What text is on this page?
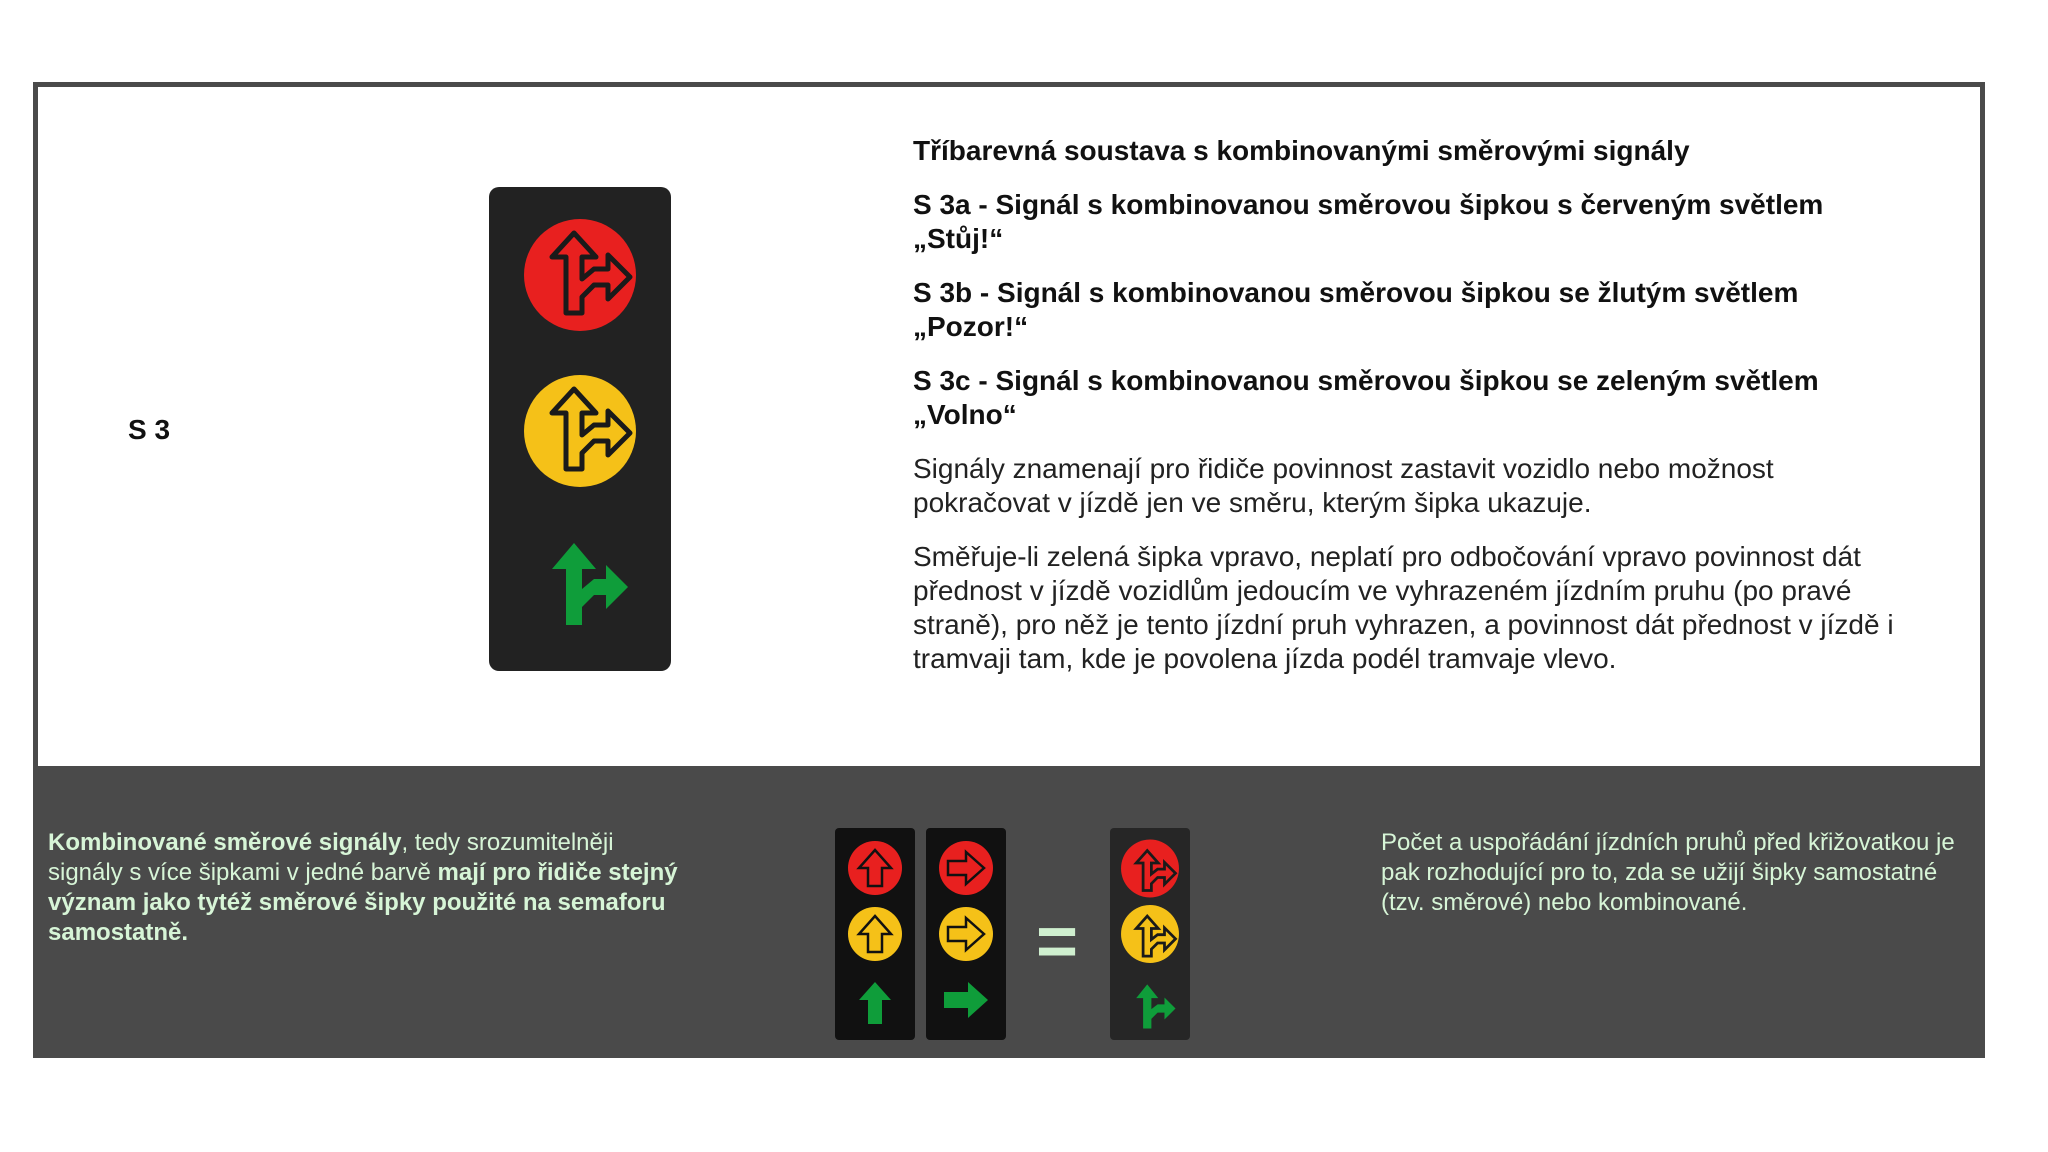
S 3
Tříbarevná soustava s kombinovanými směrovými signály
S 3a - Signál s kombinovanou směrovou šipkou s červeným světlem „Stůj!“
S 3b - Signál s kombinovanou směrovou šipkou se žlutým světlem „Pozor!“
S 3c - Signál s kombinovanou směrovou šipkou se zeleným světlem „Volno“
Signály znamenají pro řidiče povinnost zastavit vozidlo nebo možnost pokračovat v jízdě jen ve směru, kterým šipka ukazuje.
Směřuje-li zelená šipka vpravo, neplatí pro odbočování vpravo povinnost dát přednost v jízdě vozidlům jedoucím ve vyhrazeném jízdním pruhu (po pravé straně), pro něž je tento jízdní pruh vyhrazen, a povinnost dát přednost v jízdě i tramvaji tam, kde je povolena jízda podél tramvaje vlevo.
Kombinované směrové signály, tedy srozumitelněji signály s více šipkami v jedné barvě mají pro řidiče stejný význam jako tytéž směrové šipky použité na semaforu samostatně.	=
Počet a uspořádání jízdních pruhů před křižovatkou je pak rozhodující pro to, zda se užijí šipky samostatné (tzv. směrové) nebo kombinované.
